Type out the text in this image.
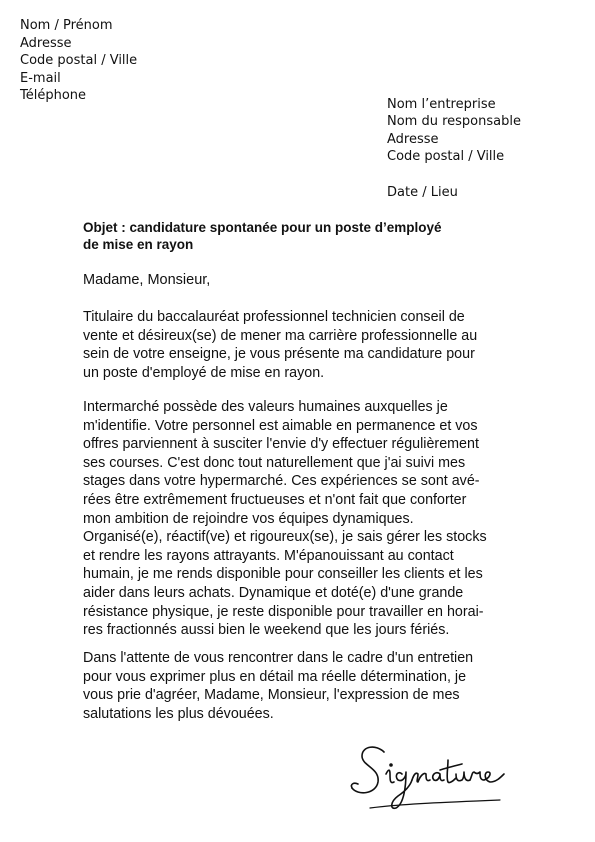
Nom / Prénom
Adresse
Code postal / Ville
E-mail
Téléphone
Nom l’entreprise
Nom du responsable
Adresse
Code postal / Ville
Date / Lieu
Objet : candidature spontanée pour un poste d’employé
de mise en rayon
Madame, Monsieur,
Titulaire du baccalauréat professionnel technicien conseil de
vente et désireux(se) de mener ma carrière professionnelle au
sein de votre enseigne, je vous présente ma candidature pour
un poste d'employé de mise en rayon.
Intermarché possède des valeurs humaines auxquelles je
m'identifie. Votre personnel est aimable en permanence et vos
offres parviennent à susciter l'envie d'y effectuer régulièrement
ses courses. C'est donc tout naturellement que j'ai suivi mes
stages dans votre hypermarché. Ces expériences se sont avé-
rées être extrêmement fructueuses et n'ont fait que conforter
mon ambition de rejoindre vos équipes dynamiques.
Organisé(e), réactif(ve) et rigoureux(se), je sais gérer les stocks
et rendre les rayons attrayants. M'épanouissant au contact
humain, je me rends disponible pour conseiller les clients et les
aider dans leurs achats. Dynamique et doté(e) d'une grande
résistance physique, je reste disponible pour travailler en horai-
res fractionnés aussi bien le weekend que les jours fériés.
Dans l'attente de vous rencontrer dans le cadre d'un entretien
pour vous exprimer plus en détail ma réelle détermination, je
vous prie d'agréer, Madame, Monsieur, l'expression de mes
salutations les plus dévouées.
